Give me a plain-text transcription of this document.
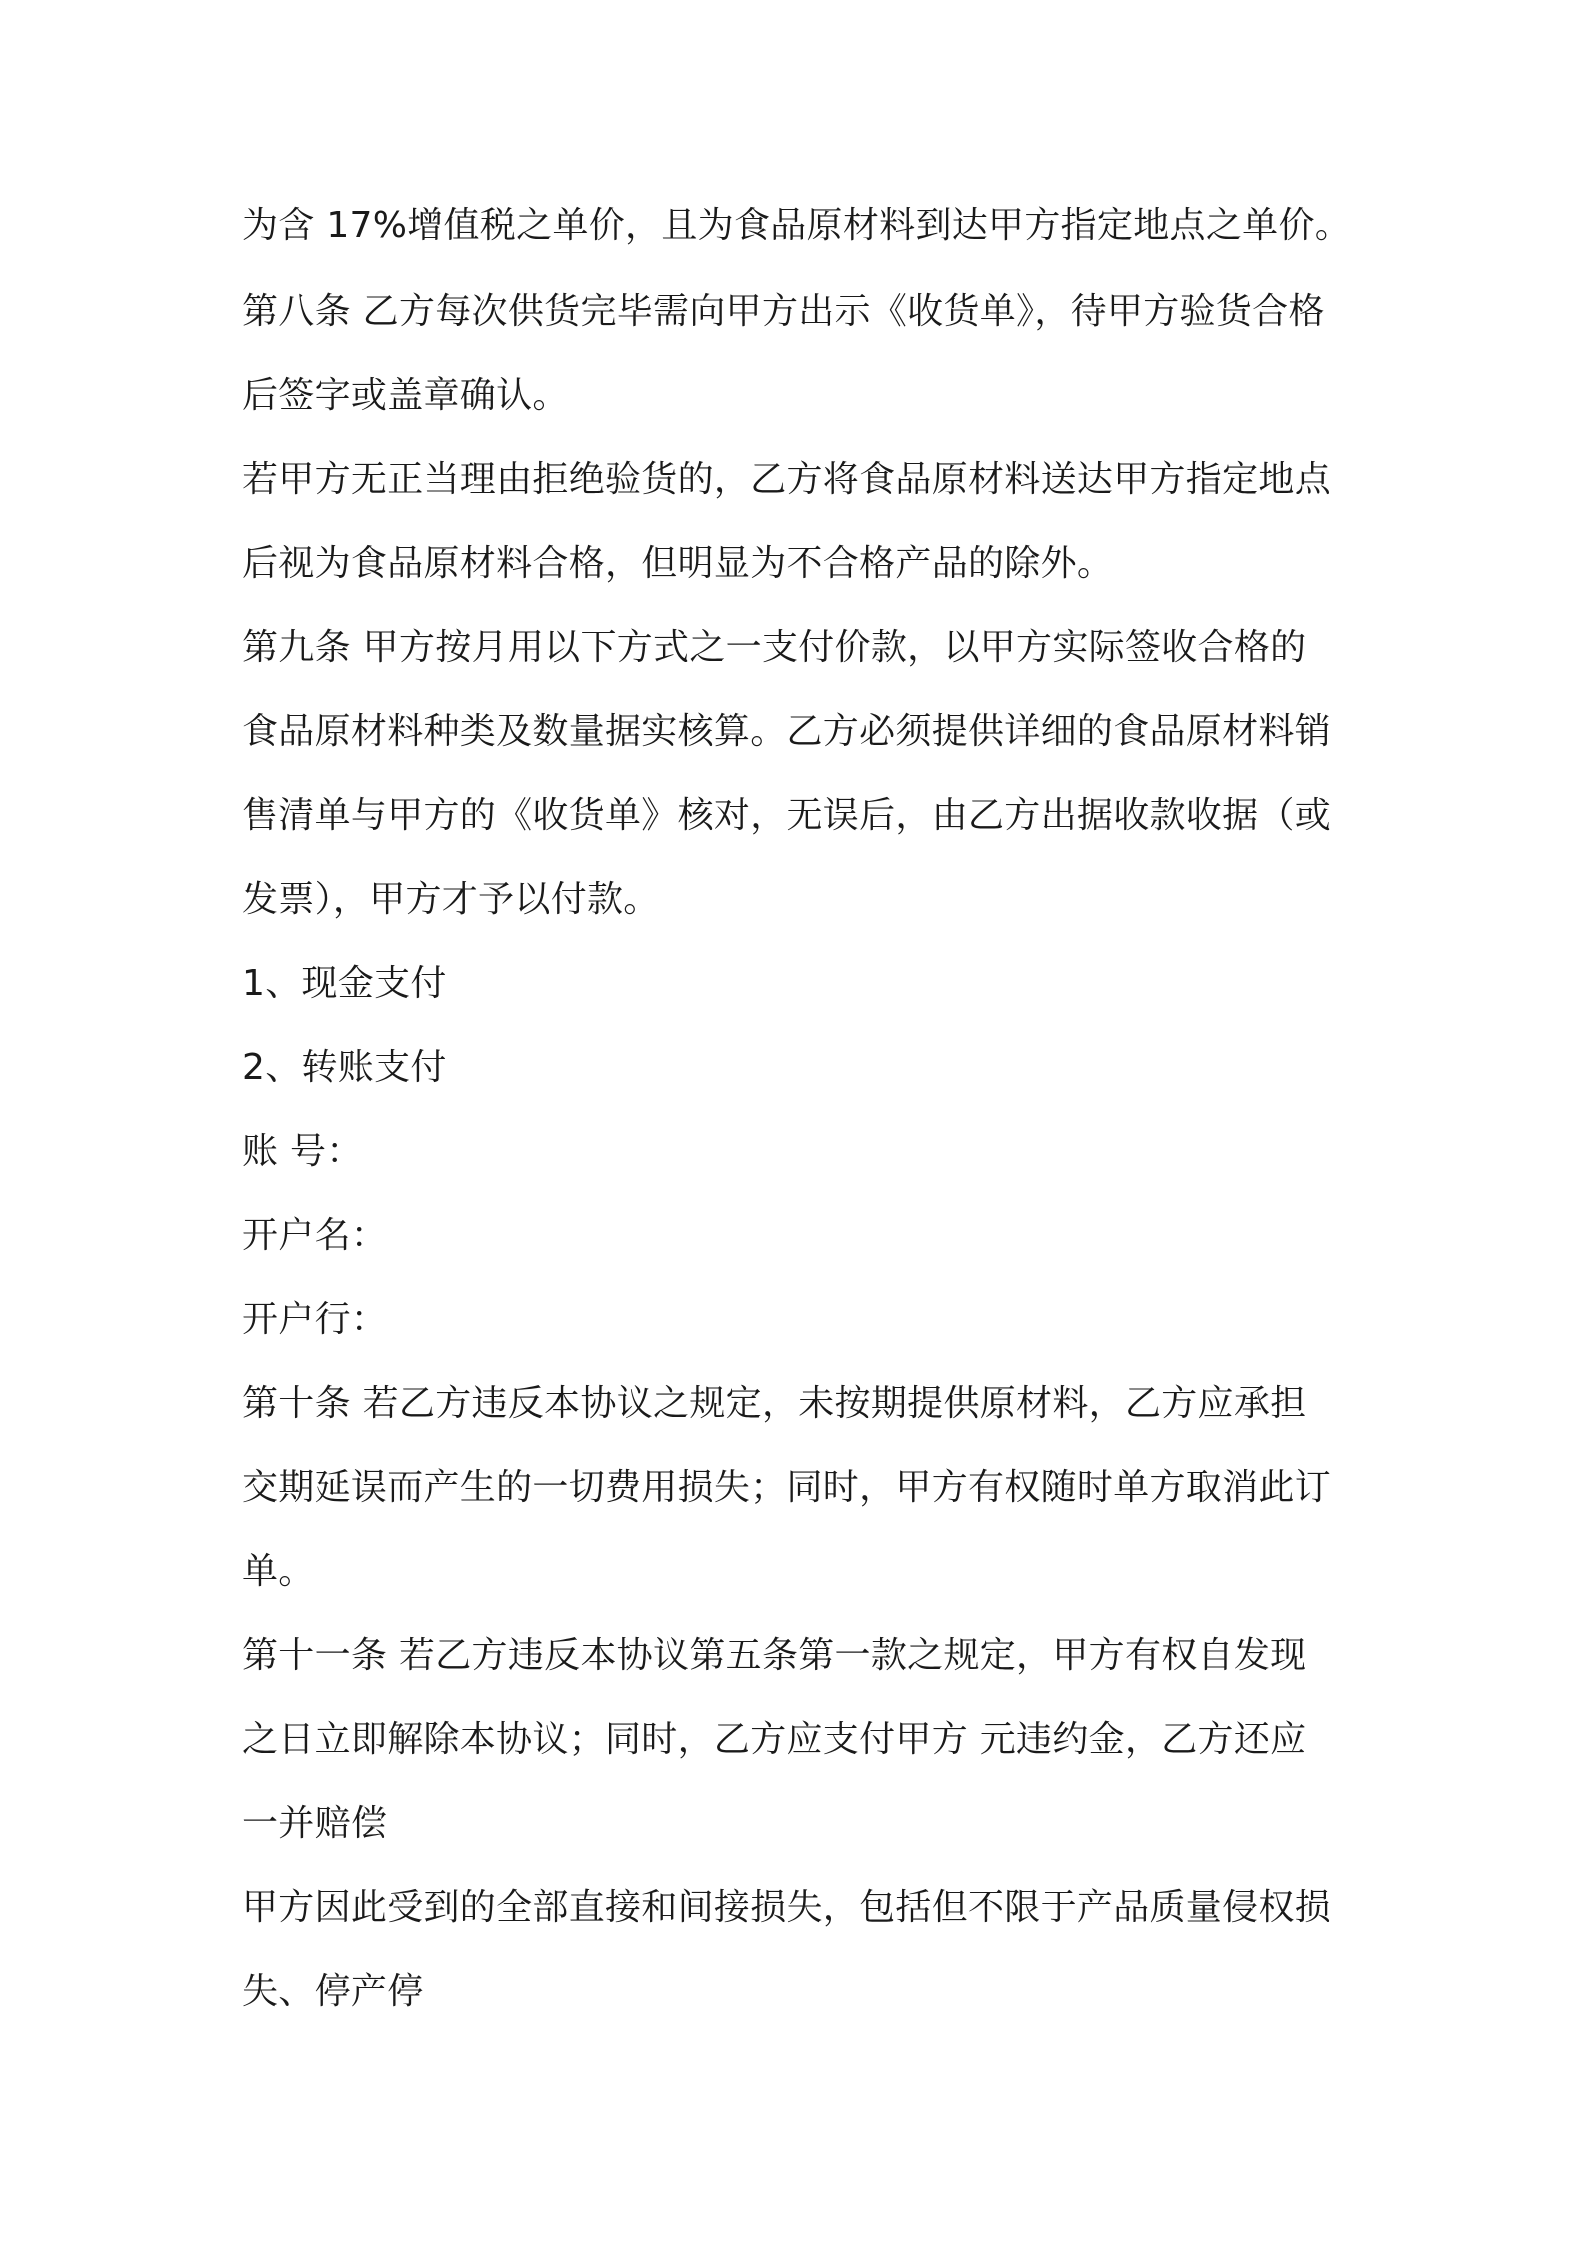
为含 17%增值税之单价，且为食品原材料到达甲方指定地点之单价。

第八条 乙方每次供货完毕需向甲方出示《收货单》，待甲方验货合格

后签字或盖章确认。

若甲方无正当理由拒绝验货的，乙方将食品原材料送达甲方指定地点

后视为食品原材料合格，但明显为不合格产品的除外。

第九条 甲方按月用以下方式之一支付价款，以甲方实际签收合格的

食品原材料种类及数量据实核算。乙方必须提供详细的食品原材料销

售清单与甲方的《收货单》核对，无误后，由乙方出据收款收据（或

发票），甲方才予以付款。

1、现金支付

2、转账支付

账 号：

开户名：

开户行：

第十条 若乙方违反本协议之规定，未按期提供原材料，乙方应承担

交期延误而产生的一切费用损失；同时，甲方有权随时单方取消此订

单。

第十一条 若乙方违反本协议第五条第一款之规定，甲方有权自发现

之日立即解除本协议；同时，乙方应支付甲方 元违约金，乙方还应

一并赔偿

甲方因此受到的全部直接和间接损失，包括但不限于产品质量侵权损

失、停产停
